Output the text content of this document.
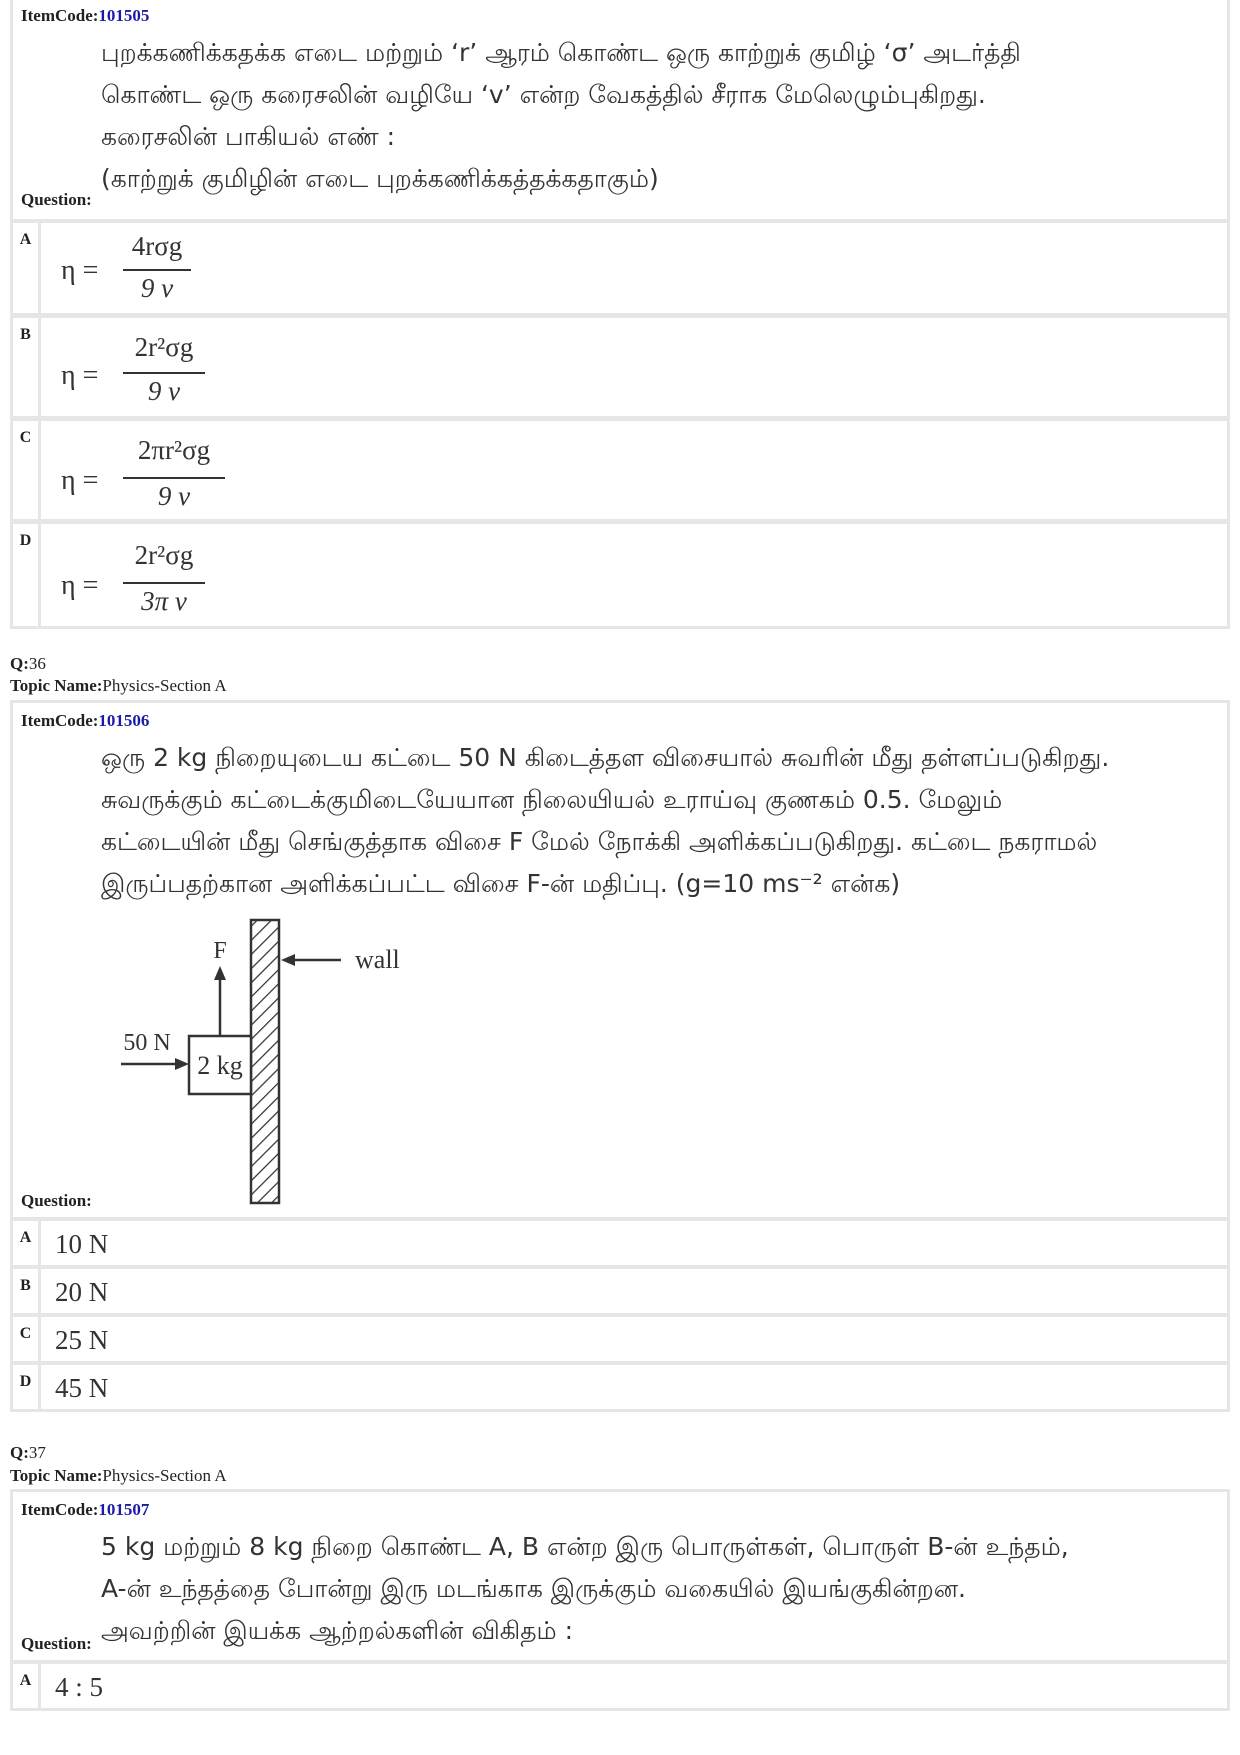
ItemCode:101505
புறக்கணிக்கதக்க எடை மற்றும் ‘r’ ஆரம் கொண்ட ஒரு காற்றுக் குமிழ் ‘σ’ அடர்த்தி
கொண்ட ஒரு கரைசலின் வழியே ‘v’ என்ற வேகத்தில் சீராக மேலெழும்புகிறது.
கரைசலின் பாகியல் எண் :
(காற்றுக் குமிழின் எடை புறக்கணிக்கத்தக்கதாகும்)
Question:
A
η =
4rσg
9 v
B
η =
2r²σg
9 v
C
η =
2πr²σg
9 v
D
η =
2r²σg
3π v
Q:36
Topic Name:Physics-Section A
ItemCode:101506
ஒரு 2 kg நிறையுடைய கட்டை 50 N கிடைத்தள விசையால் சுவரின் மீது தள்ளப்படுகிறது.
சுவருக்கும் கட்டைக்குமிடையேயான நிலையியல் உராய்வு குணகம் 0.5. மேலும்
கட்டையின் மீது செங்குத்தாக விசை F மேல் நோக்கி அளிக்கப்படுகிறது. கட்டை நகராமல்
இருப்பதற்கான அளிக்கப்பட்ட விசை F-ன் மதிப்பு. (g=10 ms⁻² என்க)
2 kg
F
50 N
wall
Question:
A 10 N
B 20 N
C 25 N
D 45 N
Q:37
Topic Name:Physics-Section A
ItemCode:101507
5 kg மற்றும் 8 kg நிறை கொண்ட A, B என்ற இரு பொருள்கள், பொருள் B-ன் உந்தம்,
A-ன் உந்தத்தை போன்று இரு மடங்காக இருக்கும் வகையில் இயங்குகின்றன.
அவற்றின் இயக்க ஆற்றல்களின் விகிதம் :
Question:
A 4 : 5
